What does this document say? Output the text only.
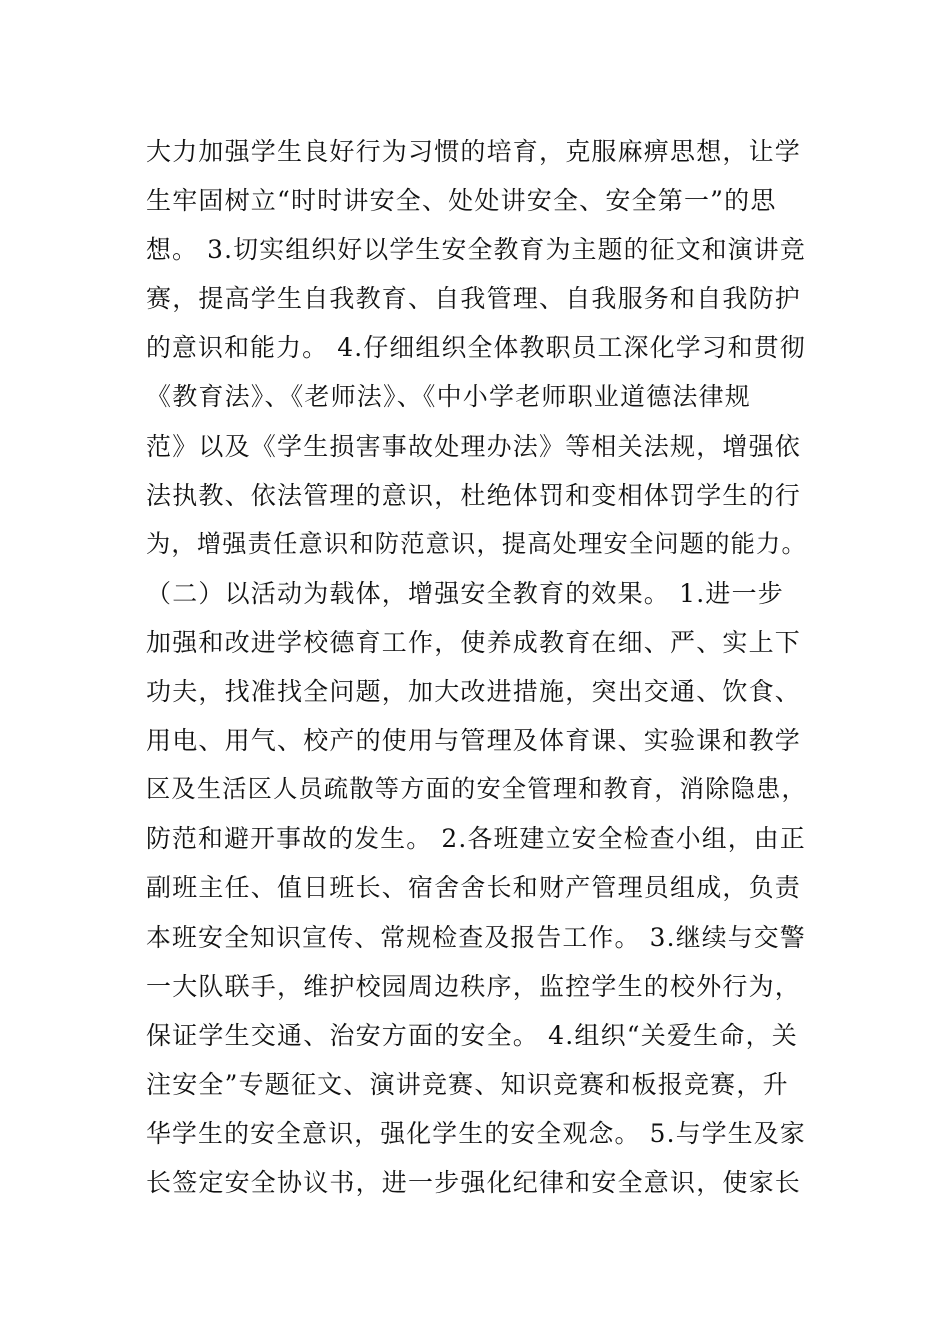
大力加强学生良好行为习惯的培育，克服麻痹思想，让学
生牢固树立“时时讲安全、处处讲安全、安全第一”的思
想。 3.切实组织好以学生安全教育为主题的征文和演讲竞
赛，提高学生自我教育、自我管理、自我服务和自我防护
的意识和能力。 4.仔细组织全体教职员工深化学习和贯彻
《教育法》、《老师法》、《中小学老师职业道德法律规
范》以及《学生损害事故处理办法》等相关法规，增强依
法执教、依法管理的意识，杜绝体罚和变相体罚学生的行
为，增强责任意识和防范意识，提高处理安全问题的能力。
（二）以活动为载体，增强安全教育的效果。 1.进一步
加强和改进学校德育工作，使养成教育在细、严、实上下
功夫，找准找全问题，加大改进措施，突出交通、饮食、
用电、用气、校产的使用与管理及体育课、实验课和教学
区及生活区人员疏散等方面的安全管理和教育，消除隐患，
防范和避开事故的发生。 2.各班建立安全检查小组，由正
副班主任、值日班长、宿舍舍长和财产管理员组成，负责
本班安全知识宣传、常规检查及报告工作。 3.继续与交警
一大队联手，维护校园周边秩序，监控学生的校外行为，
保证学生交通、治安方面的安全。 4.组织“关爱生命，关
注安全”专题征文、演讲竞赛、知识竞赛和板报竞赛，升
华学生的安全意识，强化学生的安全观念。 5.与学生及家
长签定安全协议书，进一步强化纪律和安全意识，使家长
